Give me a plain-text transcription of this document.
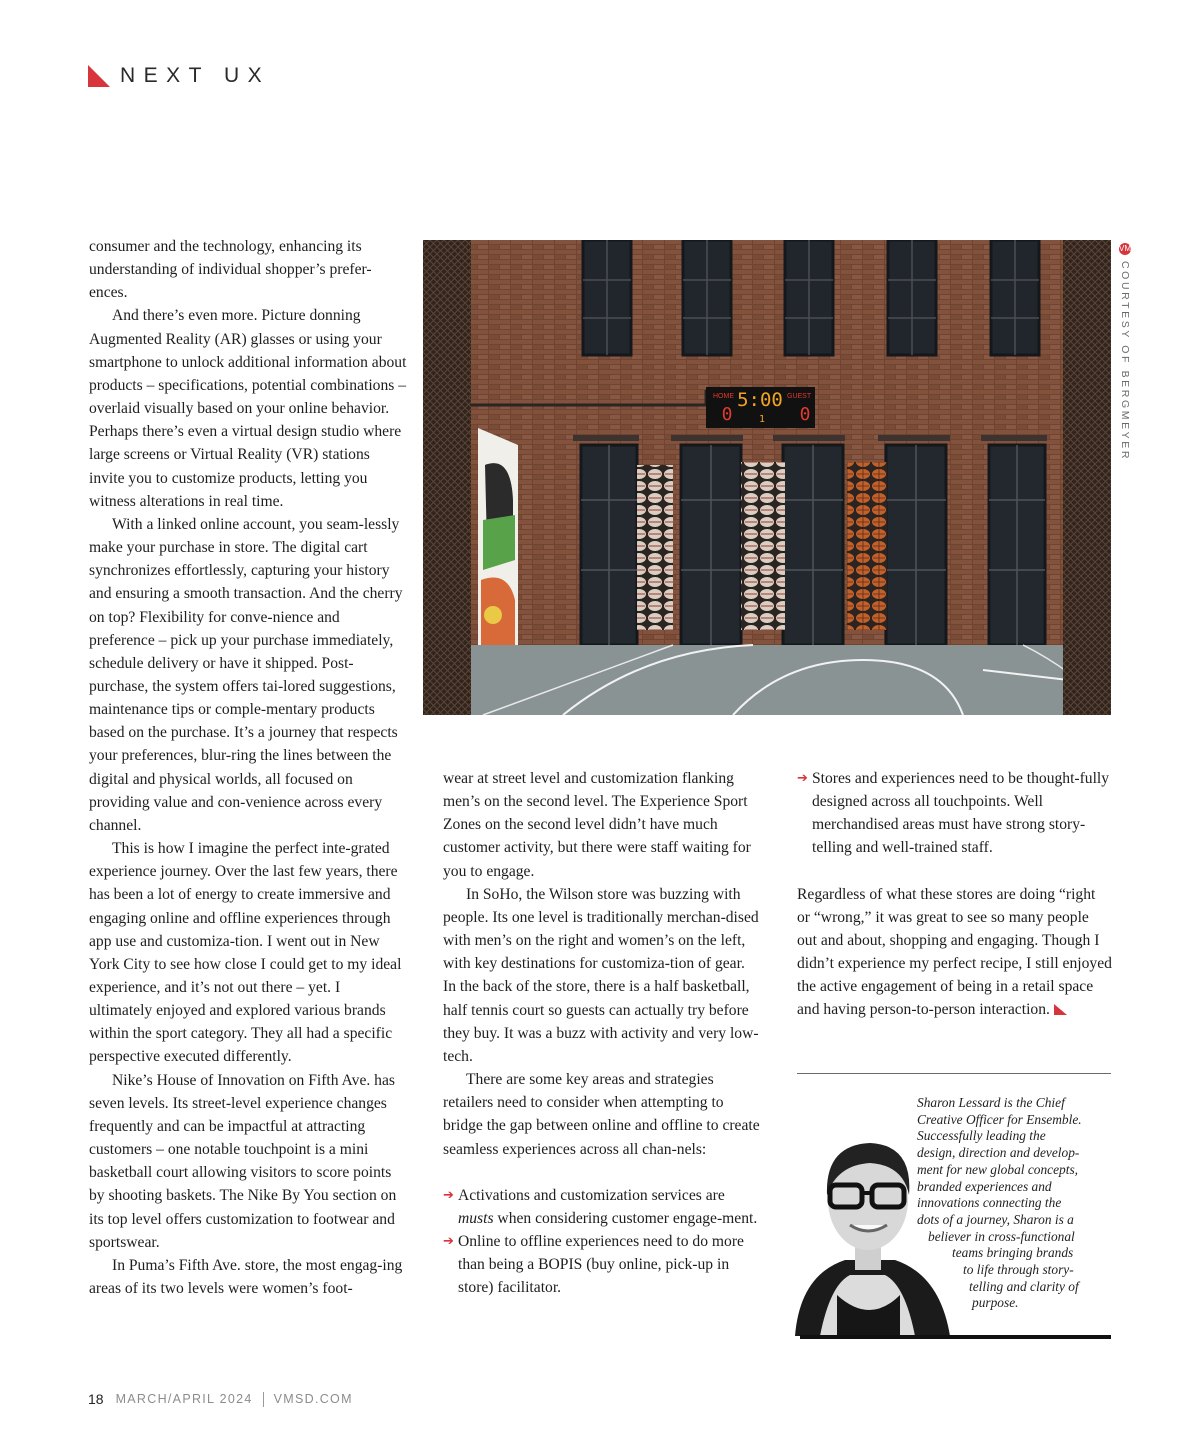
NEXT UX

consumer and the technology, enhancing its understanding of individual shopper’s prefer-ences.

And there’s even more. Picture donning Augmented Reality (AR) glasses or using your smartphone to unlock additional information about products – specifications, potential combinations – overlaid visually based on your online behavior. Perhaps there’s even a virtual design studio where large screens or Virtual Reality (VR) stations invite you to customize products, letting you witness alterations in real time.

With a linked online account, you seam-lessly make your purchase in store. The digital cart synchronizes effortlessly, capturing your history and ensuring a smooth transaction. And the cherry on top? Flexibility for conve-nience and preference – pick up your purchase immediately, schedule delivery or have it shipped. Post-purchase, the system offers tai-lored suggestions, maintenance tips or comple-mentary products based on the purchase. It’s a journey that respects your preferences, blur-ring the lines between the digital and physical worlds, all focused on providing value and con-venience across every channel.

This is how I imagine the perfect inte-grated experience journey. Over the last few years, there has been a lot of energy to create immersive and engaging online and offline experiences through app use and customiza-tion. I went out in New York City to see how close I could get to my ideal experience, and it’s not out there – yet. I ultimately enjoyed and explored various brands within the sport category. They all had a specific perspective executed differently.

Nike’s House of Innovation on Fifth Ave. has seven levels. Its street-level experience changes frequently and can be impactful at attracting customers – one notable touchpoint is a mini basketball court allowing visitors to score points by shooting baskets. The Nike By You section on its top level offers customization to footwear and sportswear.

In Puma’s Fifth Ave. store, the most engag-ing areas of its two levels were women’s foot-

HOME	GUEST
5:00
0	0
1
VM
COURTESY OF BERGMEYER

wear at street level and customization flanking men’s on the second level. The Experience Sport Zones on the second level didn’t have much customer activity, but there were staff waiting for you to engage.

In SoHo, the Wilson store was buzzing with people. Its one level is traditionally merchan-dised with men’s on the right and women’s on the left, with key destinations for customiza-tion of gear. In the back of the store, there is a half basketball, half tennis court so guests can actually try before they buy. It was a buzz with activity and very low-tech.

There are some key areas and strategies retailers need to consider when attempting to bridge the gap between online and offline to create seamless experiences across all chan-nels:

➔ Activations and customization services are musts when considering customer engage-ment.
➔ Online to offline experiences need to do more than being a BOPIS (buy online, pick-up in store) facilitator.
➔ Stores and experiences need to be thought-fully designed across all touchpoints. Well merchandised areas must have strong story-telling and well-trained staff.

Regardless of what these stores are doing “right or “wrong,” it was great to see so many people out and about, shopping and engaging. Though I didn’t experience my perfect recipe, I still enjoyed the active engagement of being in a retail space and having person-to-person interaction.

Sharon Lessard is the Chief
Creative Officer for Ensemble.
Successfully leading the
design, direction and develop-
ment for new global concepts,
branded experiences and
innovations connecting the
dots of a journey, Sharon is a
believer in cross-functional
teams bringing brands
to life through story-
telling and clarity of
purpose.
18 MARCH/APRIL 2024 VMSD.COM
